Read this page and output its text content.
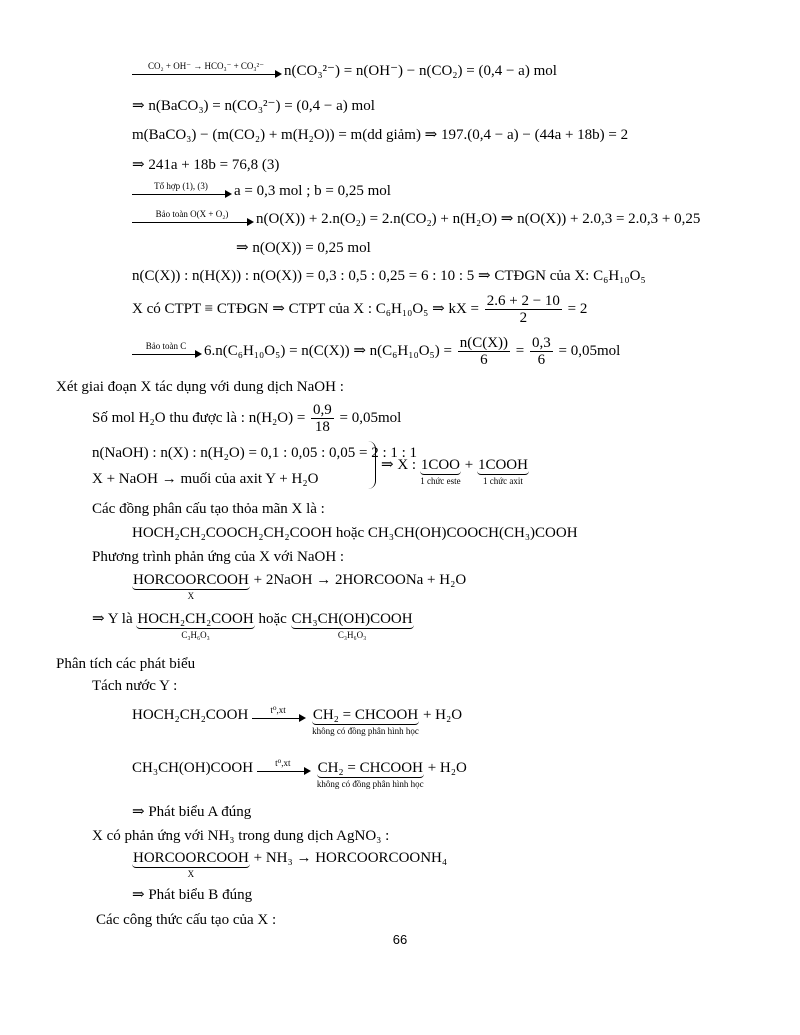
CO₂ + OH⁻ → HCO₃⁻ + CO₃²⁻	n(CO₃²⁻) = n(OH⁻) − n(CO₂) = (0,4 − a) mol
⇒ n(BaCO₃) = n(CO₃²⁻) = (0,4 − a) mol
m(BaCO₃) − (m(CO₂) + m(H₂O)) = m(dd giảm) ⇒ 197.(0,4 − a) − (44a + 18b) = 2
⇒ 241a + 18b = 76,8 (3)
Tổ hợp (1), (3)	a = 0,3 mol ; b = 0,25 mol
Bảo toàn O(X + O₂)	n(O(X)) + 2.n(O₂) = 2.n(CO₂) + n(H₂O) ⇒ n(O(X)) + 2.0,3 = 2.0,3 + 0,25
⇒ n(O(X)) = 0,25 mol
n(C(X)) : n(H(X)) : n(O(X)) = 0,3 : 0,5 : 0,25 = 6 : 10 : 5 ⇒ CTĐGN của X: C₆H₁₀O₅
X có CTPT ≡ CTĐGN ⇒ CTPT của X : C₆H₁₀O₅ ⇒ kX = $\frac{2.6 + 2 - 10}{2} = 2$
Bảo toàn C	6.n(C₆H₁₀O₅) = n(C(X)) ⇒ $n(C_6H_{10}O_5) = \frac{n(C(X))}{6} = \frac{0,3}{6} = 0,05mol$
Xét giai đoạn X tác dụng với dung dịch NaOH :
Số mol H₂O thu được là : $n(H_2O) = \frac{0,9}{18} = 0,05mol$
n(NaOH) : n(X) : n(H₂O) = 0,1 : 0,05 : 0,05 = 2 : 1 : 1
X + NaOH → muối của axit Y + H₂O
⇒ X : 1COO
1 chức este
+ 1COOH
1 chức axit
Các đồng phân cấu tạo thỏa mãn X là :
HOCH₂CH₂COOCH₂CH₂COOH hoặc CH₃CH(OH)COOCH(CH₃)COOH
Phương trình phản ứng của X với NaOH :
HORCOORCOOH
X
+ 2NaOH → 2HORCOONa + H₂O
⇒ Y là HOCH₂CH₂COOH
C₃H₆O₃
hoặc CH₃CH(OH)COOH
C₃H₆O₃
Phân tích các phát biểu
Tách nước Y :
HOCH₂CH₂COOH	t⁰,xt
	CH₂ = CHCOOH
không có đồng phân hình học
+ H₂O
CH₃CH(OH)COOH	t⁰,xt
	CH₂ = CHCOOH
không có đồng phân hình học
+ H₂O
⇒ Phát biểu A đúng
X có phản ứng với NH₃ trong dung dịch AgNO₃ :
HORCOORCOOH
X
+ NH₃ → HORCOORCOONH₄
⇒ Phát biểu B đúng
Các công thức cấu tạo của X :
66
